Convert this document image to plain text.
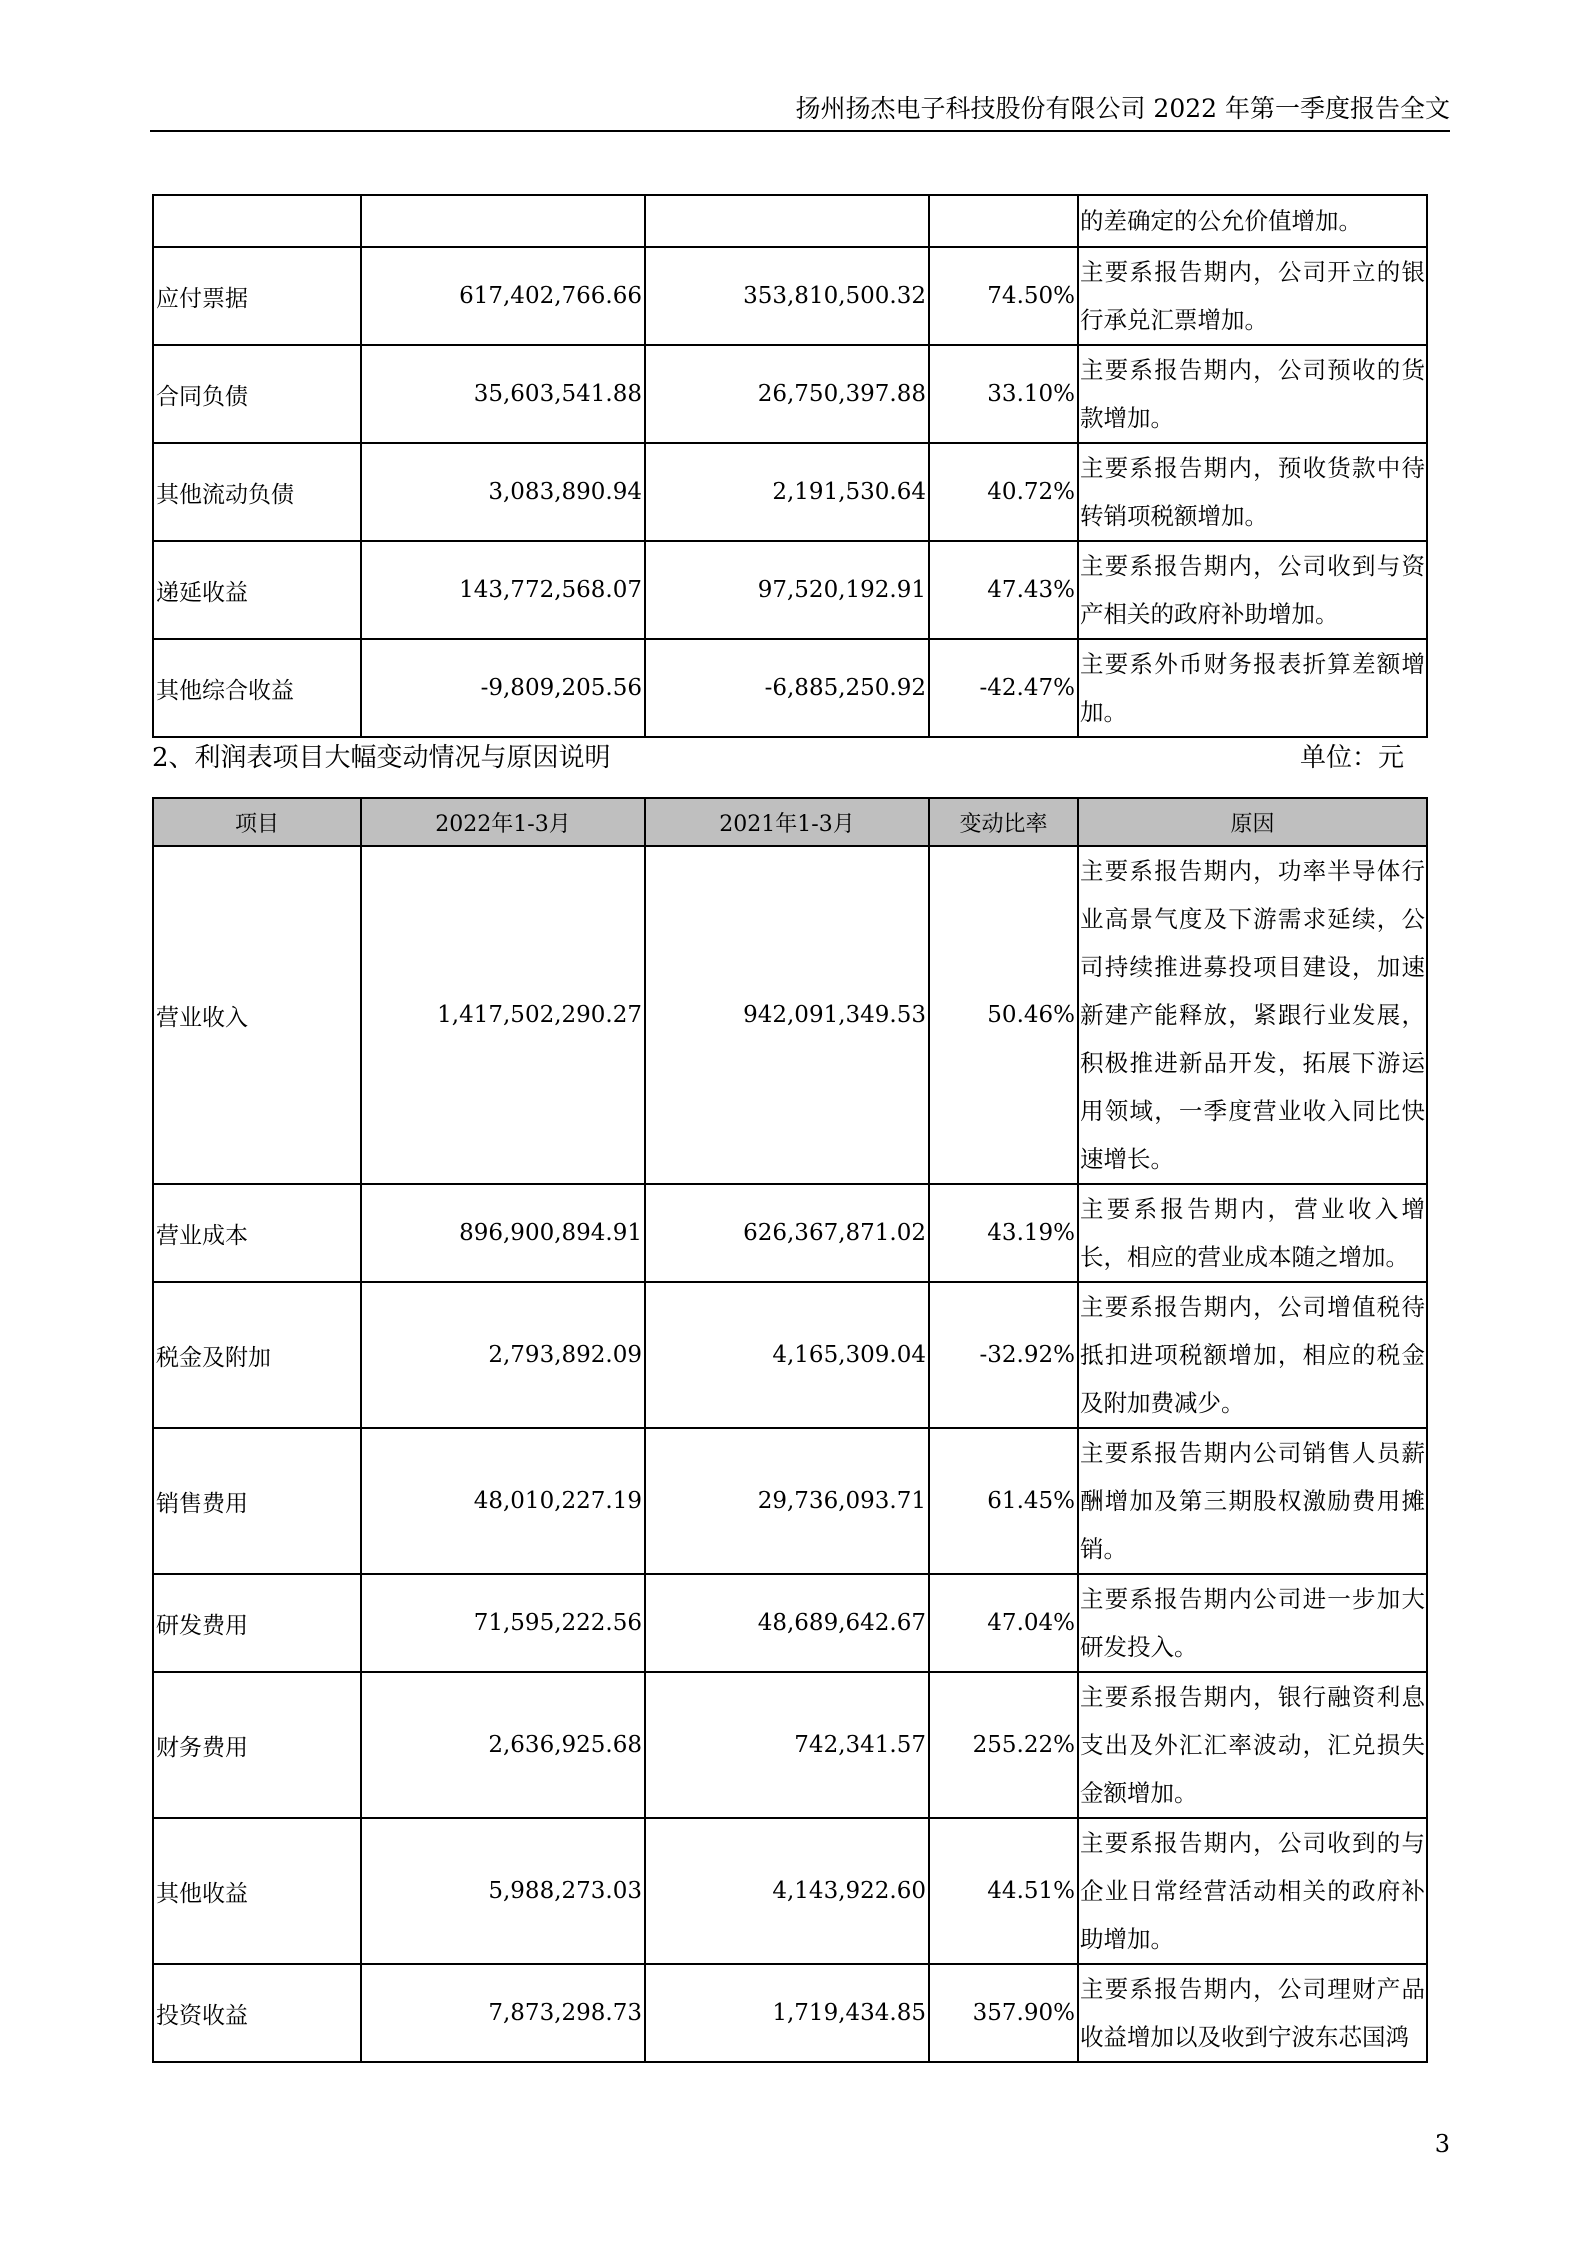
扬州扬杰电子科技股份有限公司 2022 年第一季度报告全文
				的差确定的公允价值增加。
应付票据	617,402,766.66	353,810,500.32	74.50%	主要系报告期内，公司开立的银行承兑汇票增加。
合同负债	35,603,541.88	26,750,397.88	33.10%	主要系报告期内，公司预收的货款增加。
其他流动负债	3,083,890.94	2,191,530.64	40.72%	主要系报告期内，预收货款中待转销项税额增加。
递延收益	143,772,568.07	97,520,192.91	47.43%	主要系报告期内，公司收到与资产相关的政府补助增加。
其他综合收益	-9,809,205.56	-6,885,250.92	-42.47%	主要系外币财务报表折算差额增加。
2、利润表项目大幅变动情况与原因说明	单位：元
项目	2022年1-3月	2021年1-3月	变动比率	原因
营业收入	1,417,502,290.27	942,091,349.53	50.46%	主要系报告期内，功率半导体行业高景气度及下游需求延续，公司持续推进募投项目建设，加速新建产能释放，紧跟行业发展，积极推进新品开发，拓展下游运用领域，一季度营业收入同比快速增长。
营业成本	896,900,894.91	626,367,871.02	43.19%	主要系报告期内，营业收入增长，相应的营业成本随之增加。
税金及附加	2,793,892.09	4,165,309.04	-32.92%	主要系报告期内，公司增值税待抵扣进项税额增加，相应的税金及附加费减少。
销售费用	48,010,227.19	29,736,093.71	61.45%	主要系报告期内公司销售人员薪酬增加及第三期股权激励费用摊销。
研发费用	71,595,222.56	48,689,642.67	47.04%	主要系报告期内公司进一步加大研发投入。
财务费用	2,636,925.68	742,341.57	255.22%	主要系报告期内，银行融资利息支出及外汇汇率波动，汇兑损失金额增加。
其他收益	5,988,273.03	4,143,922.60	44.51%	主要系报告期内，公司收到的与企业日常经营活动相关的政府补助增加。
投资收益	7,873,298.73	1,719,434.85	357.90%	主要系报告期内，公司理财产品收益增加以及收到宁波东芯国鸿
3
